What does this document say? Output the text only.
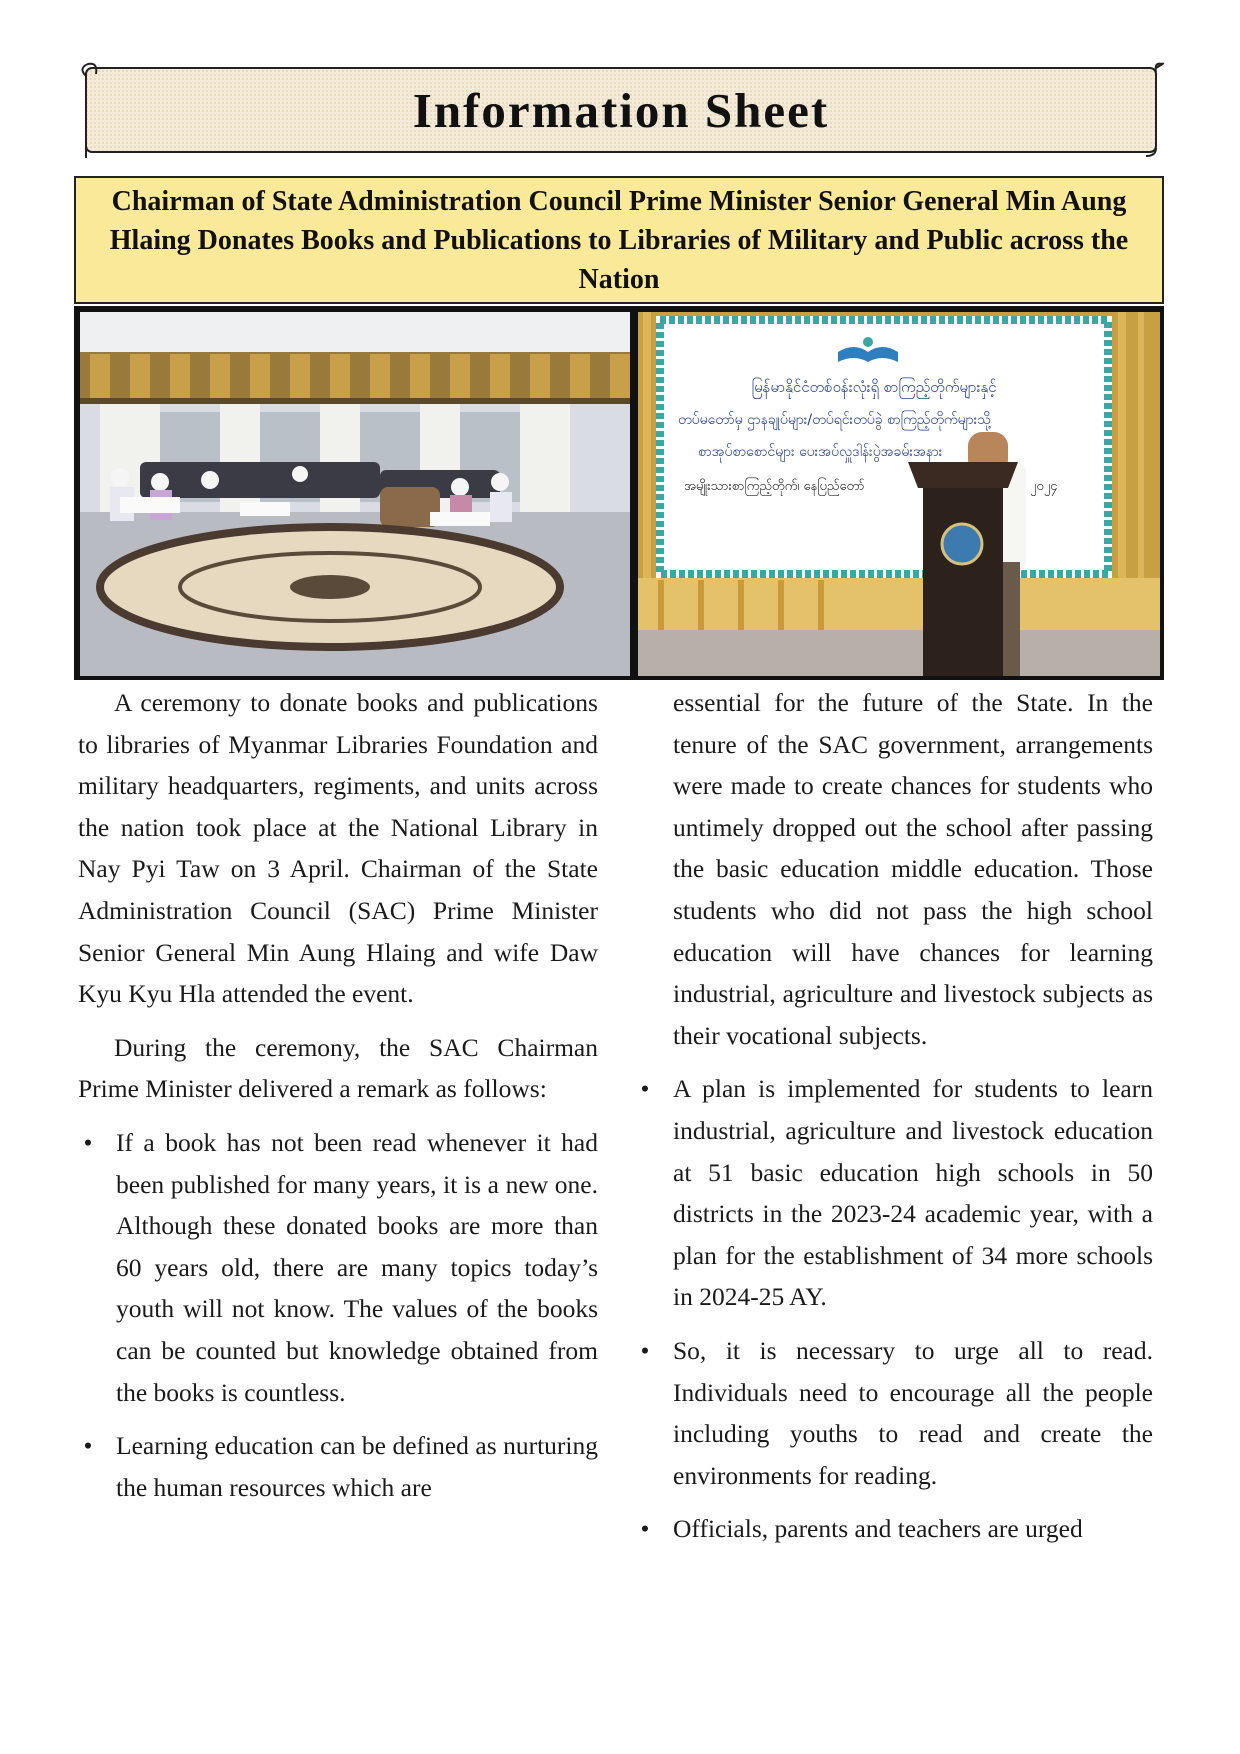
Information Sheet
Chairman of State Administration Council Prime Minister Senior General Min Aung Hlaing Donates Books and Publications to Libraries of Military and Public across the Nation
မြန်မာနိုင်ငံတစ်ဝန်းလုံးရှိ စာကြည့်တိုက်များနှင့်
တပ်မတော်မှ ဌာနချုပ်များ/တပ်ရင်းတပ်ခွဲ စာကြည့်တိုက်များသို့
စာအုပ်စာစောင်များ ပေးအပ်လှူဒါန်းပွဲအခမ်းအနား
အမျိုးသားစာကြည့်တိုက်၊ နေပြည်တော်	၂၀၂၄

A ceremony to donate books and publications to libraries of Myanmar Libraries Foundation and military headquarters, regiments, and units across the nation took place at the National Library in Nay Pyi Taw on 3 April. Chairman of the State Administration Council (SAC) Prime Minister Senior General Min Aung Hlaing and wife Daw Kyu Kyu Hla attended the event.

During the ceremony, the SAC Chairman Prime Minister delivered a remark as follows:

• If a book has not been read whenever it had been published for many years, it is a new one. Although these donated books are more than 60 years old, there are many topics today’s youth will not know. The values of the books can be counted but knowledge obtained from the books is countless.
• Learning education can be defined as nurturing the human resources which are

essential for the future of the State. In the tenure of the SAC government, arrangements were made to create chances for students who untimely dropped out the school after passing the basic education middle education. Those students who did not pass the high school education will have chances for learning industrial, agriculture and livestock subjects as their vocational subjects.

• A plan is implemented for students to learn industrial, agriculture and livestock education at 51 basic education high schools in 50 districts in the 2023-24 academic year, with a plan for the establishment of 34 more schools in 2024-25 AY.
• So, it is necessary to urge all to read. Individuals need to encourage all the people including youths to read and create the environments for reading.
• Officials, parents and teachers are urged
